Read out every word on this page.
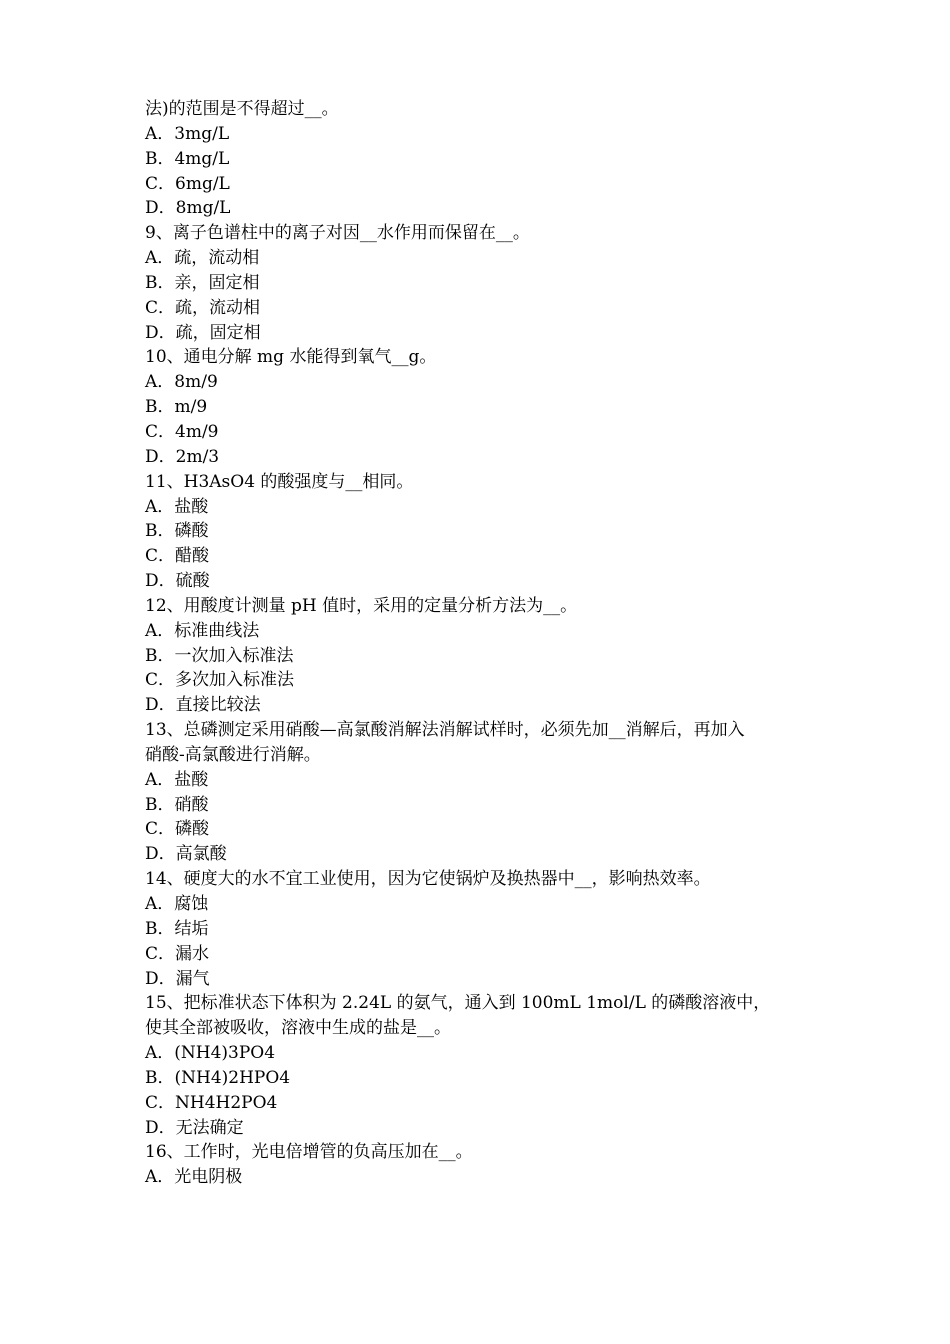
法)的范围是不得超过__。
A．3mg/L
B．4mg/L
C．6mg/L
D．8mg/L
9、离子色谱柱中的离子对因__水作用而保留在__。
A．疏，流动相
B．亲，固定相
C．疏，流动相
D．疏，固定相
10、通电分解 mg 水能得到氧气__g。
A．8m/9
B．m/9
C．4m/9
D．2m/3
11、H3AsO4 的酸强度与__相同。
A．盐酸
B．磷酸
C．醋酸
D．硫酸
12、用酸度计测量 pH 值时，采用的定量分析方法为__。
A．标准曲线法
B．一次加入标准法
C．多次加入标准法
D．直接比较法
13、总磷测定采用硝酸—高氯酸消解法消解试样时，必须先加__消解后，再加入
硝酸-高氯酸进行消解。
A．盐酸
B．硝酸
C．磷酸
D．高氯酸
14、硬度大的水不宜工业使用，因为它使锅炉及换热器中__，影响热效率。
A．腐蚀
B．结垢
C．漏水
D．漏气
15、把标准状态下体积为 2.24L 的氨气，通入到 100mL 1mol/L 的磷酸溶液中，
使其全部被吸收，溶液中生成的盐是__。
A．(NH4)3PO4
B．(NH4)2HPO4
C．NH4H2PO4
D．无法确定
16、工作时，光电倍增管的负高压加在__。
A．光电阴极
